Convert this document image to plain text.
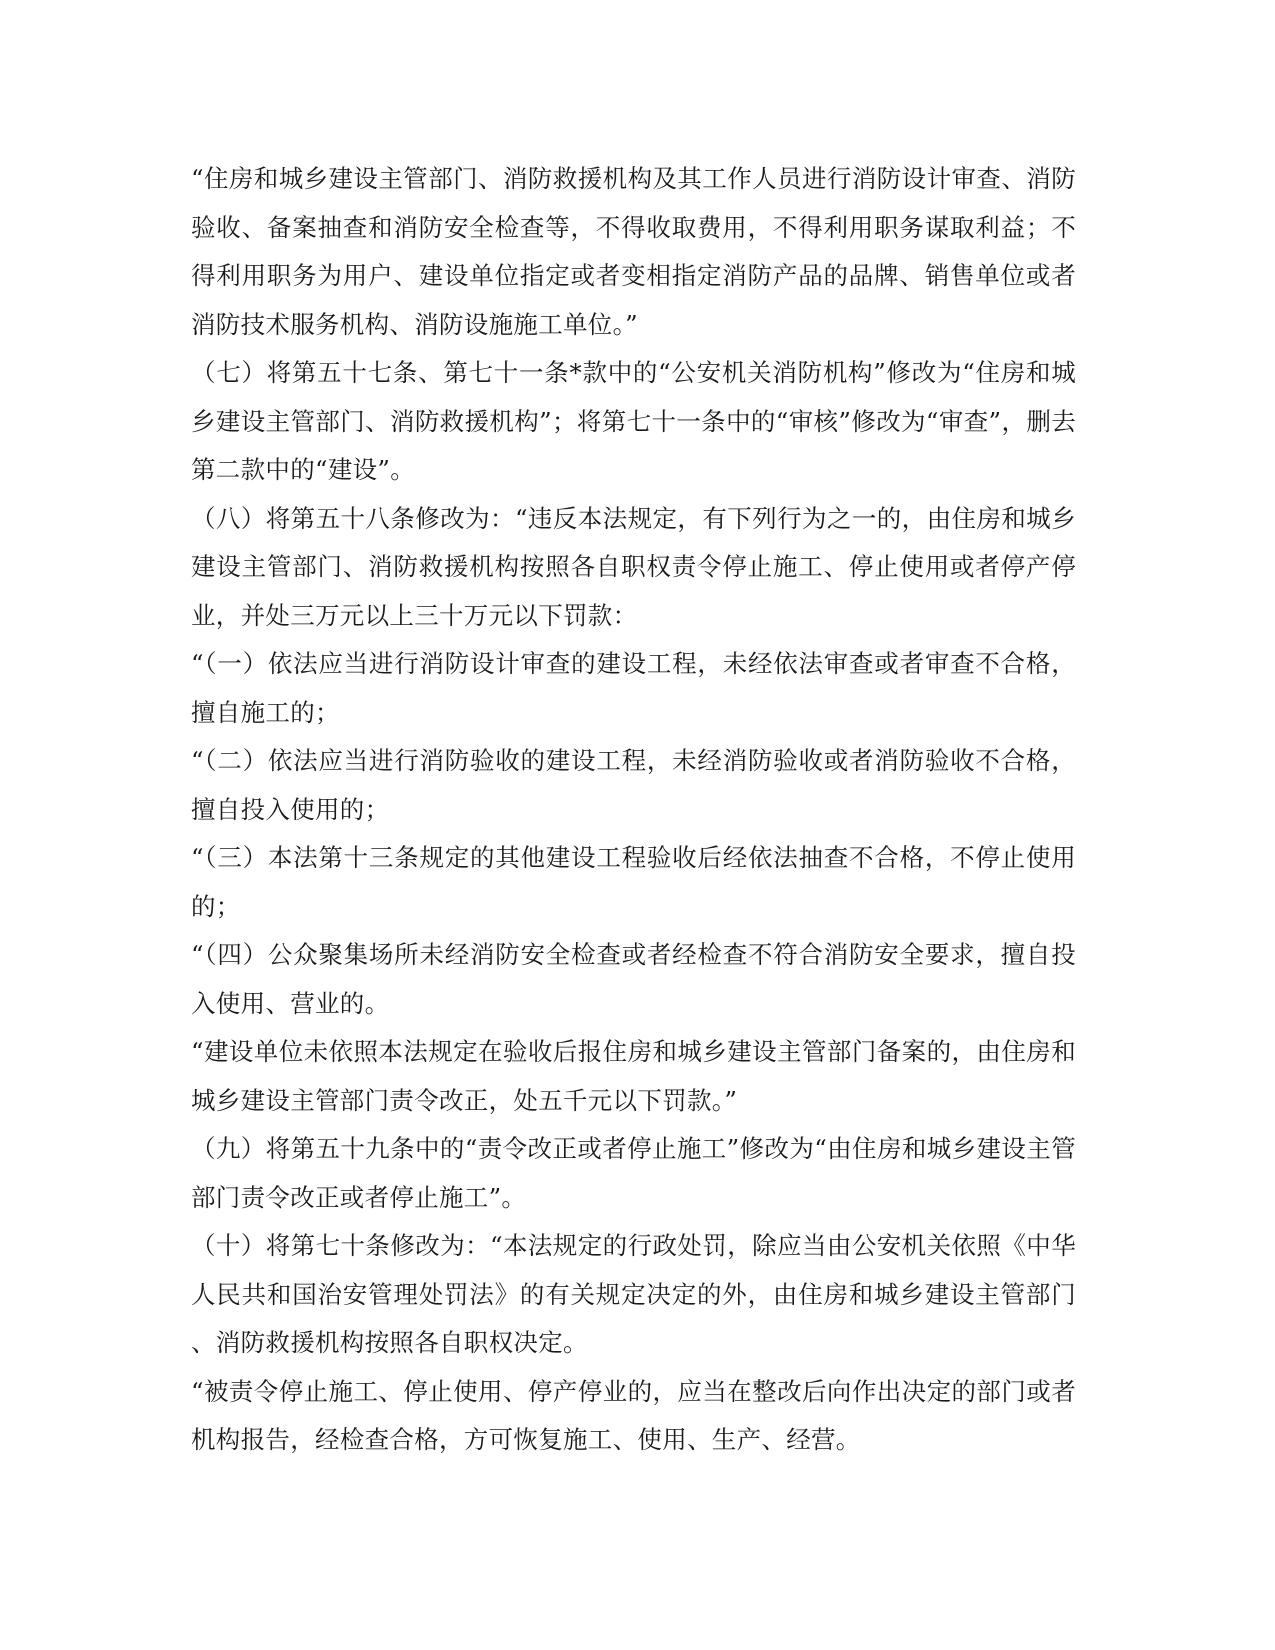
“住房和城乡建设主管部门、消防救援机构及其工作人员进行消防设计审查、消防验收、备案抽查和消防安全检查等，不得收取费用，不得利用职务谋取利益；不得利用职务为用户、建设单位指定或者变相指定消防产品的品牌、销售单位或者消防技术服务机构、消防设施施工单位。”

（七）将第五十七条、第七十一条*款中的“公安机关消防机构”修改为“住房和城乡建设主管部门、消防救援机构”；将第七十一条中的“审核”修改为“审查”，删去第二款中的“建设”。

（八）将第五十八条修改为：“违反本法规定，有下列行为之一的，由住房和城乡建设主管部门、消防救援机构按照各自职权责令停止施工、停止使用或者停产停业，并处三万元以上三十万元以下罚款：

“（一）依法应当进行消防设计审查的建设工程，未经依法审查或者审查不合格，擅自施工的；

“（二）依法应当进行消防验收的建设工程，未经消防验收或者消防验收不合格，擅自投入使用的；

“（三）本法第十三条规定的其他建设工程验收后经依法抽查不合格，不停止使用的；

“（四）公众聚集场所未经消防安全检查或者经检查不符合消防安全要求，擅自投入使用、营业的。

“建设单位未依照本法规定在验收后报住房和城乡建设主管部门备案的，由住房和城乡建设主管部门责令改正，处五千元以下罚款。”

（九）将第五十九条中的“责令改正或者停止施工”修改为“由住房和城乡建设主管部门责令改正或者停止施工”。

（十）将第七十条修改为：“本法规定的行政处罚，除应当由公安机关依照《中华人民共和国治安管理处罚法》的有关规定决定的外，由住房和城乡建设主管部门、消防救援机构按照各自职权决定。

“被责令停止施工、停止使用、停产停业的，应当在整改后向作出决定的部门或者机构报告，经检查合格，方可恢复施工、使用、生产、经营。
